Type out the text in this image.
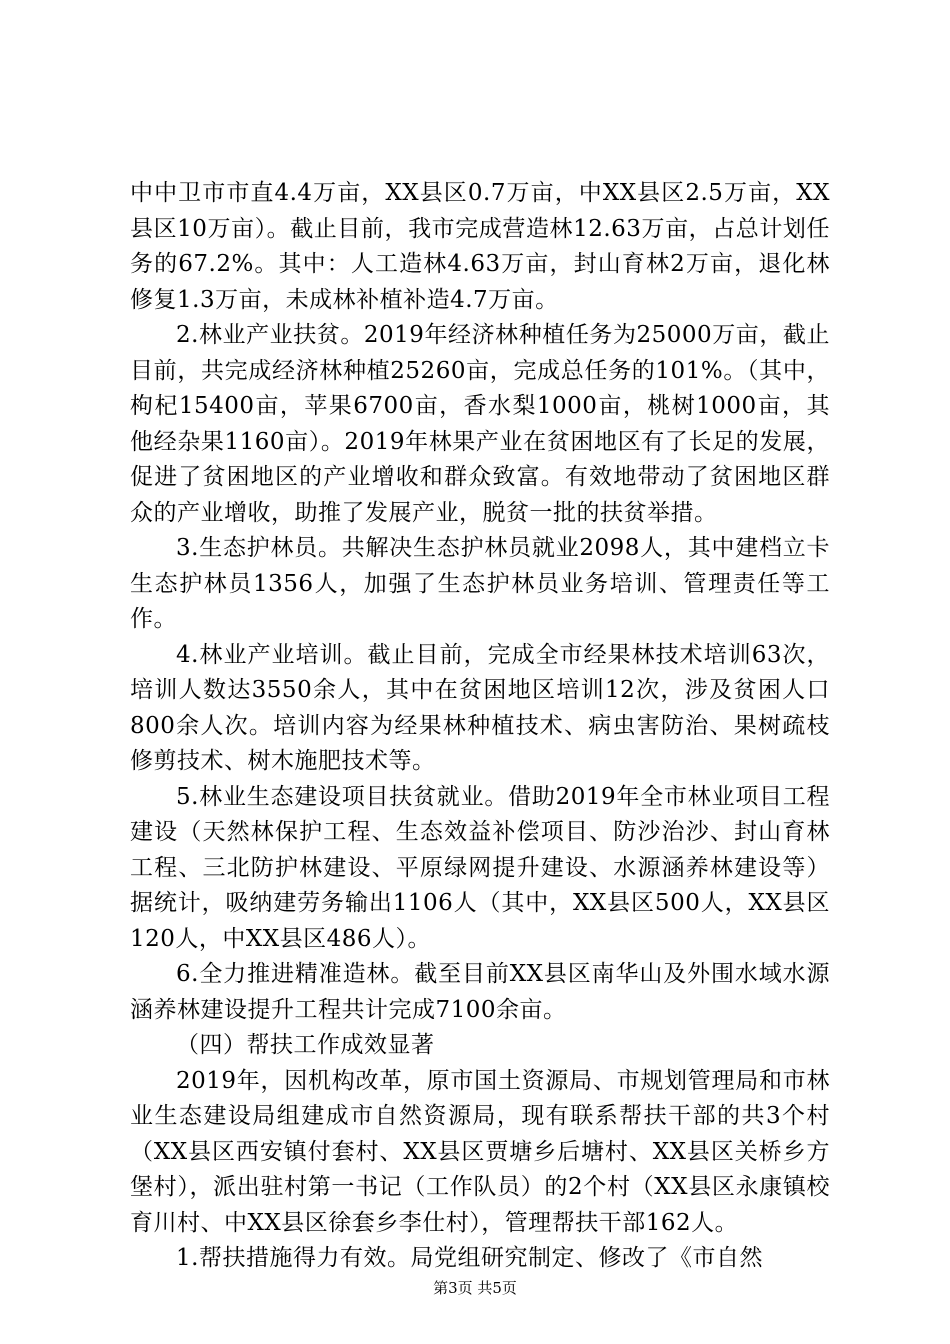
中中卫市市直4.4万亩，XX县区0.7万亩，中XX县区2.5万亩，XX县区10万亩）。截止目前，我市完成营造林12.63万亩，占总计划任务的67.2%。其中：人工造林4.63万亩，封山育林2万亩，退化林修复1.3万亩，未成林补植补造4.7万亩。

2.林业产业扶贫。2019年经济林种植任务为25000万亩，截止目前，共完成经济林种植25260亩，完成总任务的101%。（其中，枸杞15400亩，苹果6700亩，香水梨1000亩，桃树1000亩，其他经杂果1160亩）。2019年林果产业在贫困地区有了长足的发展，促进了贫困地区的产业增收和群众致富。有效地带动了贫困地区群众的产业增收，助推了发展产业，脱贫一批的扶贫举措。

3.生态护林员。共解决生态护林员就业2098人，其中建档立卡生态护林员1356人，加强了生态护林员业务培训、管理责任等工作。

4.林业产业培训。截止目前，完成全市经果林技术培训63次，培训人数达3550余人，其中在贫困地区培训12次，涉及贫困人口800余人次。培训内容为经果林种植技术、病虫害防治、果树疏枝修剪技术、树木施肥技术等。

5.林业生态建设项目扶贫就业。借助2019年全市林业项目工程建设（天然林保护工程、生态效益补偿项目、防沙治沙、封山育林工程、三北防护林建设、平原绿网提升建设、水源涵养林建设等）据统计，吸纳建劳务输出1106人（其中，XX县区500人，XX县区120人，中XX县区486人）。

6.全力推进精准造林。截至目前XX县区南华山及外围水域水源涵养林建设提升工程共计完成7100余亩。

（四）帮扶工作成效显著

2019年，因机构改革，原市国土资源局、市规划管理局和市林业生态建设局组建成市自然资源局，现有联系帮扶干部的共3个村（XX县区西安镇付套村、XX县区贾塘乡后塘村、XX县区关桥乡方堡村），派出驻村第一书记（工作队员）的2个村（XX县区永康镇校育川村、中XX县区徐套乡李仕村），管理帮扶干部162人。

1.帮扶措施得力有效。局党组研究制定、修改了《市自然

第3页 共5页
